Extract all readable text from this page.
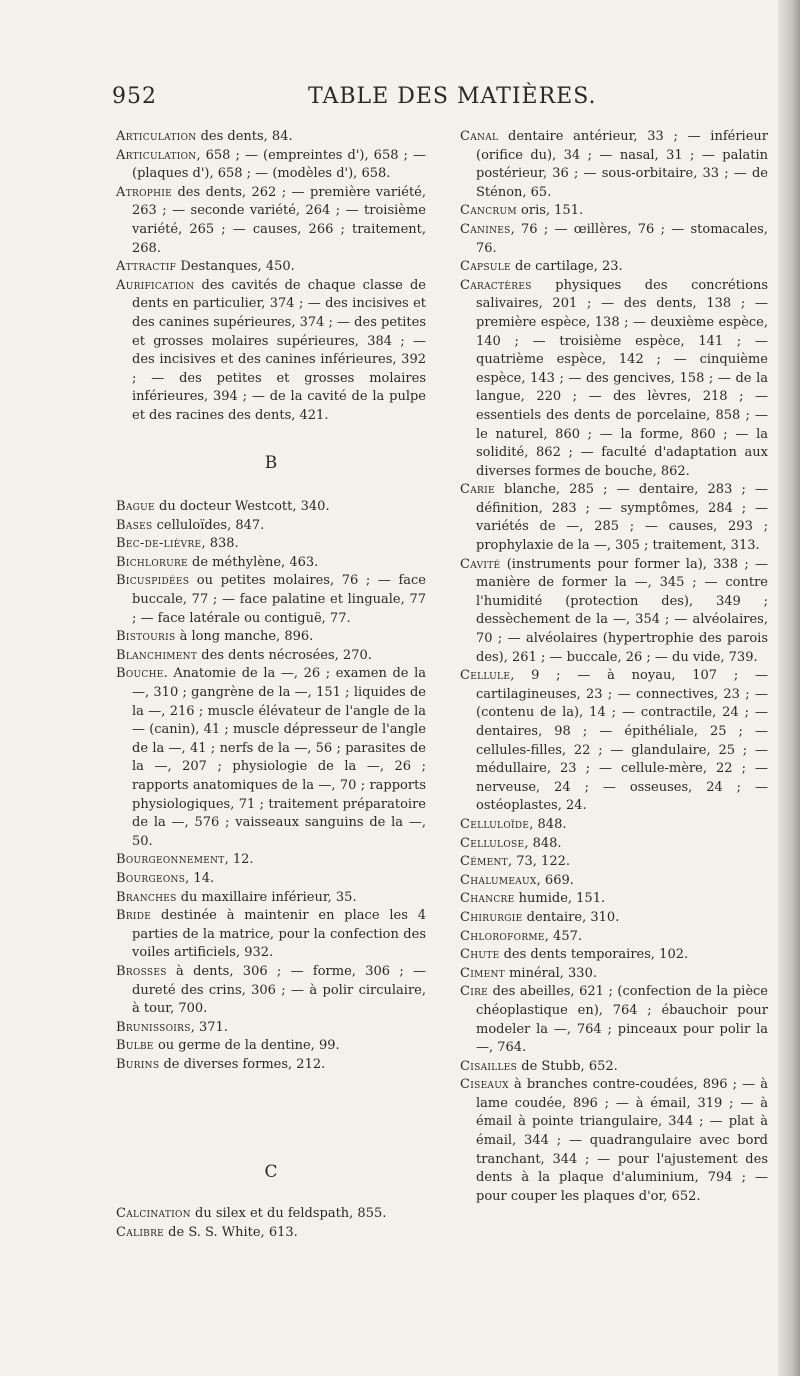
952	TABLE DES MATIÈRES.

Articulation des dents, 84.

Articulation, 658 ; — (empreintes d'), 658 ; — (plaques d'), 658 ; — (modèles d'), 658.

Atrophie des dents, 262 ; — première variété, 263 ; — seconde variété, 264 ; — troisième variété, 265 ; — causes, 266 ; traitement, 268.

Attractif Destanques, 450.

Aurification des cavités de chaque classe de dents en particulier, 374 ; — des incisives et des canines supérieures, 374 ; — des petites et grosses molaires supérieures, 384 ; — des incisives et des canines inférieures, 392 ; — des petites et grosses molaires inférieures, 394 ; — de la cavité de la pulpe et des racines des dents, 421.

B

Bague du docteur Westcott, 340.

Bases celluloïdes, 847.

Bec-de-lièvre, 838.

Bichlorure de méthylène, 463.

Bicuspidées ou petites molaires, 76 ; — face buccale, 77 ; — face palatine et linguale, 77 ; — face latérale ou contiguë, 77.

Bistouris à long manche, 896.

Blanchiment des dents nécrosées, 270.

Bouche. Anatomie de la —, 26 ; examen de la —, 310 ; gangrène de la —, 151 ; liquides de la —, 216 ; muscle élévateur de l'angle de la — (canin), 41 ; muscle dépresseur de l'angle de la —, 41 ; nerfs de la —, 56 ; parasites de la —, 207 ; physiologie de la —, 26 ; rapports anatomiques de la —, 70 ; rapports physiologiques, 71 ; traitement préparatoire de la —, 576 ; vaisseaux sanguins de la —, 50.

Bourgeonnement, 12.

Bourgeons, 14.

Branches du maxillaire inférieur, 35.

Bride destinée à maintenir en place les 4 parties de la matrice, pour la confection des voiles artificiels, 932.

Brosses à dents, 306 ; — forme, 306 ; — dureté des crins, 306 ; — à polir circulaire, à tour, 700.

Brunissoirs, 371.

Bulbe ou germe de la dentine, 99.

Burins de diverses formes, 212.

C

Calcination du silex et du feldspath, 855.

Calibre de S. S. White, 613.

Canal dentaire antérieur, 33 ; — inférieur (orifice du), 34 ; — nasal, 31 ; — palatin postérieur, 36 ; — sous-orbitaire, 33 ; — de Sténon, 65.

Cancrum oris, 151.

Canines, 76 ; — œillères, 76 ; — stomacales, 76.

Capsule de cartilage, 23.

Caractères physiques des concrétions salivaires, 201 ; — des dents, 138 ; — première espèce, 138 ; — deuxième espèce, 140 ; — troisième espèce, 141 ; — quatrième espèce, 142 ; — cinquième espèce, 143 ; — des gencives, 158 ; — de la langue, 220 ; — des lèvres, 218 ; — essentiels des dents de porcelaine, 858 ; — le naturel, 860 ; — la forme, 860 ; — la solidité, 862 ; — faculté d'adaptation aux diverses formes de bouche, 862.

Carie blanche, 285 ; — dentaire, 283 ; — définition, 283 ; — symptômes, 284 ; — variétés de —, 285 ; — causes, 293 ; prophylaxie de la —, 305 ; traitement, 313.

Cavité (instruments pour former la), 338 ; — manière de former la —, 345 ; — contre l'humidité (protection des), 349 ; dessèchement de la —, 354 ; — alvéolaires, 70 ; — alvéolaires (hypertrophie des parois des), 261 ; — buccale, 26 ; — du vide, 739.

Cellule, 9 ; — à noyau, 107 ; — cartilagineuses, 23 ; — connectives, 23 ; — (contenu de la), 14 ; — contractile, 24 ; — dentaires, 98 ; — épithéliale, 25 ; — cellules-filles, 22 ; — glandulaire, 25 ; — médullaire, 23 ; — cellule-mère, 22 ; — nerveuse, 24 ; — osseuses, 24 ; — ostéoplastes, 24.

Celluloïde, 848.

Cellulose, 848.

Cément, 73, 122.

Chalumeaux, 669.

Chancre humide, 151.

Chirurgie dentaire, 310.

Chloroforme, 457.

Chute des dents temporaires, 102.

Ciment minéral, 330.

Cire des abeilles, 621 ; (confection de la pièce chéoplastique en), 764 ; ébauchoir pour modeler la —, 764 ; pinceaux pour polir la —, 764.

Cisailles de Stubb, 652.

Ciseaux à branches contre-coudées, 896 ; — à lame coudée, 896 ; — à émail, 319 ; — à émail à pointe triangulaire, 344 ; — plat à émail, 344 ; — quadrangulaire avec bord tranchant, 344 ; — pour l'ajustement des dents à la plaque d'aluminium, 794 ; — pour couper les plaques d'or, 652.
